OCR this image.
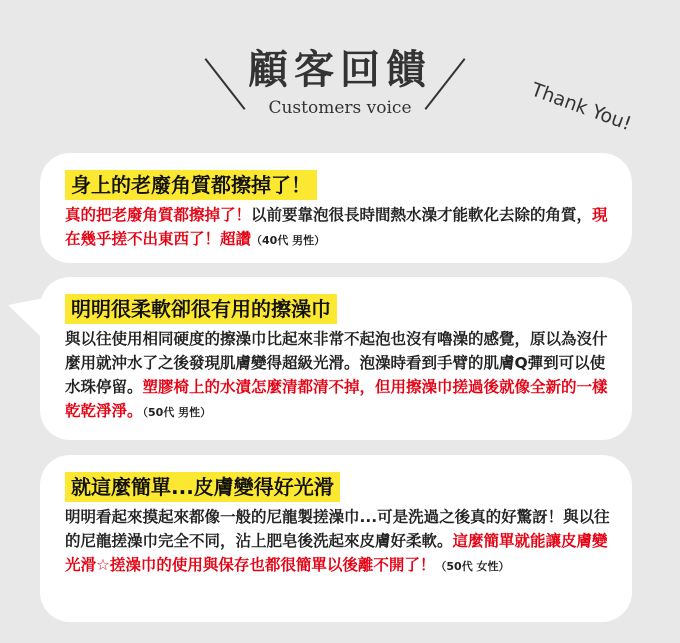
顧客回饋
Customers voice	Thank You!
身上的老廢角質都擦掉了！
真的把老廢角質都擦掉了！以前要靠泡很長時間熱水澡才能軟化去除的角質，現在幾乎搓不出東西了！超讚（40代 男性）
明明很柔軟卻很有用的擦澡巾
與以往使用相同硬度的擦澡巾比起來非常不起泡也沒有嚕澡的感覺，原以為沒什麼用就沖水了之後發現肌膚變得超級光滑。泡澡時看到手臂的肌膚Q彈到可以使水珠停留。塑膠椅上的水漬怎麼清都清不掉，但用擦澡巾搓過後就像全新的一樣乾乾淨淨。（50代 男性）
就這麼簡單...皮膚變得好光滑
明明看起來摸起來都像一般的尼龍製搓澡巾...可是洗過之後真的好驚訝！與以往的尼龍搓澡巾完全不同，沾上肥皂後洗起來皮膚好柔軟。這麼簡單就能讓皮膚變光滑☆搓澡巾的使用與保存也都很簡單以後離不開了！（50代 女性）
